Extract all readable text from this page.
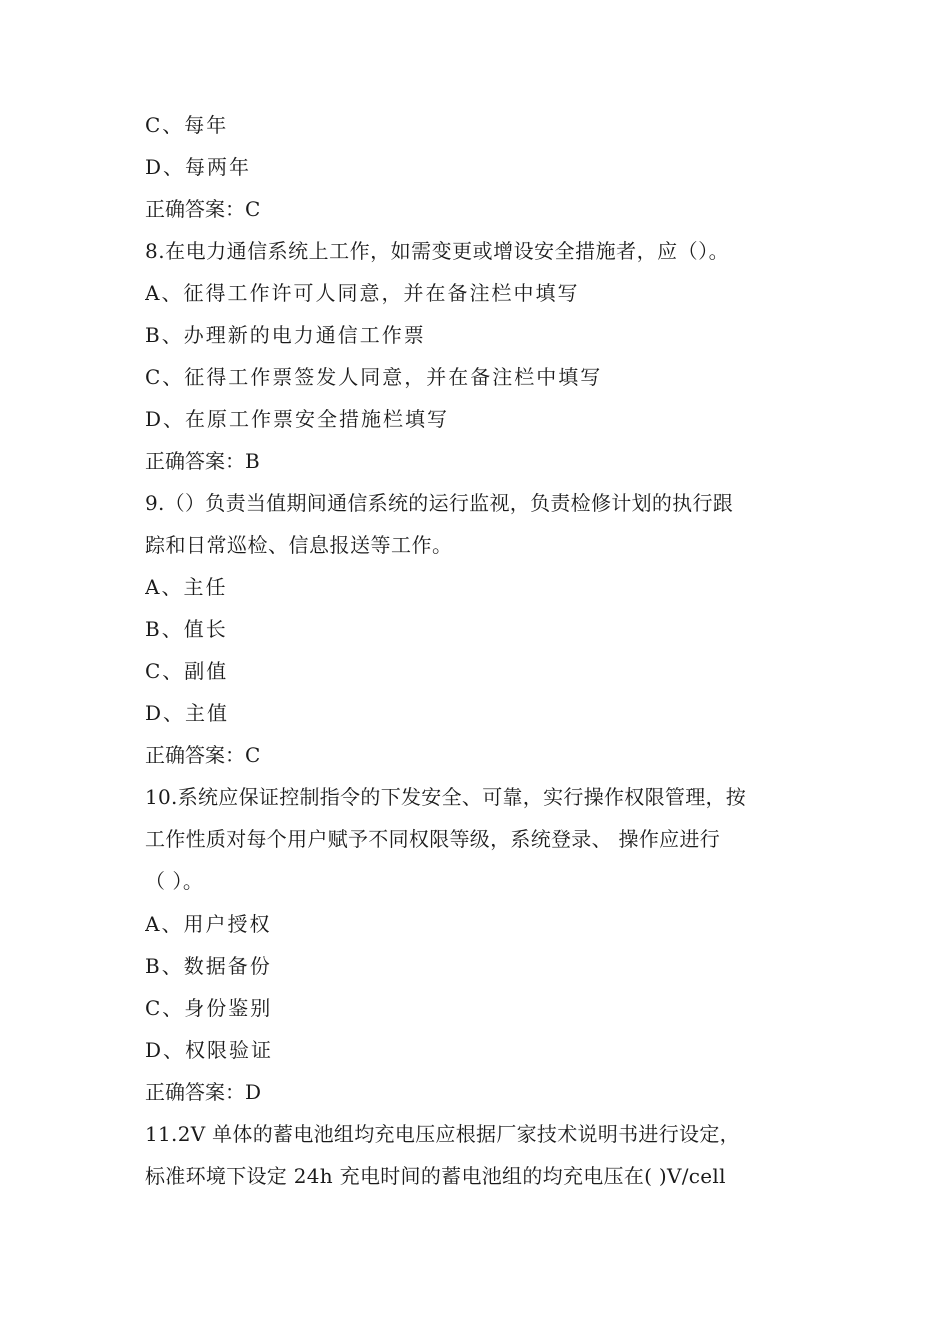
C、每年
D、每两年
正确答案：C
8.在电力通信系统上工作，如需变更或增设安全措施者，应（）。
A、征得工作许可人同意，并在备注栏中填写
B、办理新的电力通信工作票
C、征得工作票签发人同意，并在备注栏中填写
D、在原工作票安全措施栏填写
正确答案：B
9.（）负责当值期间通信系统的运行监视，负责检修计划的执行跟
踪和日常巡检、信息报送等工作。
A、主任
B、值长
C、副值
D、主值
正确答案：C
10.系统应保证控制指令的下发安全、可靠，实行操作权限管理，按
工作性质对每个用户赋予不同权限等级，系统登录、 操作应进行
（ ）。
A、用户授权
B、数据备份
C、身份鉴别
D、权限验证
正确答案：D
11.2V 单体的蓄电池组均充电压应根据厂家技术说明书进行设定，
标准环境下设定 24h 充电时间的蓄电池组的均充电压在( )V/cell
